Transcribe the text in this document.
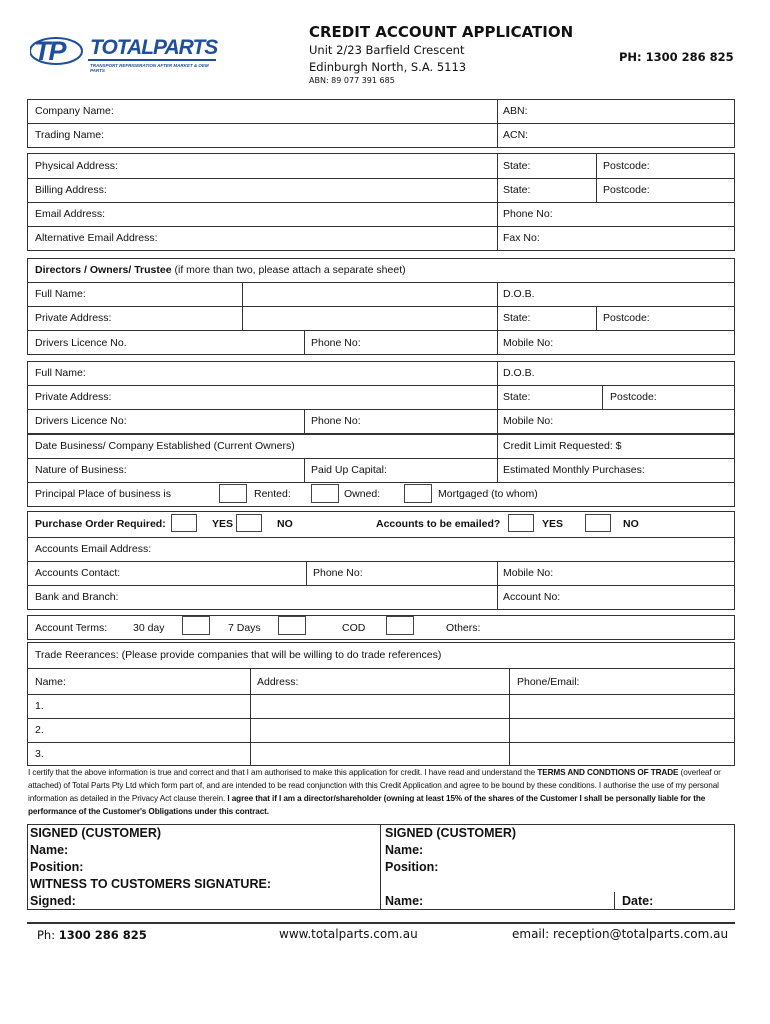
TP TOTALPARTS
TRANSPORT REFRIGERATION AFTER MARKET & OEM PARTS
CREDIT ACCOUNT APPLICATION
Unit 2/23 Barfield Crescent
Edinburgh North, S.A. 5113
ABN: 89 077 391 685
PH: 1300 286 825
Company Name:	ABN:
Trading Name:	ACN:
Physical Address:	State:	Postcode:
Billing Address:	State:	Postcode:
Email Address:	Phone No:
Alternative Email Address:	Fax No:
Directors / Owners/ Trustee (if more than two, please attach a separate sheet)
Full Name:	D.O.B.
Private Address:	State:	Postcode:
Drivers Licence No.	Phone No:	Mobile No:
Full Name:	D.O.B.
Private Address:	State:	Postcode:
Drivers Licence No:	Phone No:	Mobile No:
Date Business/ Company Established (Current Owners)	Credit Limit Requested: $
Nature of Business:	Paid Up Capital:	Estimated Monthly Purchases:
Principal Place of business is	Rented:	Owned:	Mortgaged (to whom)
Purchase Order Required:	YES	NO	Accounts to be emailed?	YES	NO
Accounts Email Address:
Accounts Contact:	Phone No:	Mobile No:
Bank and Branch:	Account No:
Account Terms: 30 day	7 Days	COD	Others:
Trade Reerances: (Please provide companies that will be willing to do trade references)
Name:	Address:	Phone/Email:
1.
2.
3.
I certify that the above information is true and correct and that I am authorised to make this application for credit. I have read and understand the TERMS AND CONDTIONS OF TRADE (overleaf or attached) of Total Parts Pty Ltd which form part of, and are intended to be read conjunction with this Credit Application and agree to be bound by these conditions. I authorise the use of my personal information as detailed in the Privacy Act clause therein. I agree that if I am a director/shareholder (owning at least 15% of the shares of the Customer I shall be personally liable for the performance of the Customer's Obligations under this contract.
SIGNED (CUSTOMER)
Name:
Position:
WITNESS TO CUSTOMERS SIGNATURE:
Signed:
SIGNED (CUSTOMER)
Name:
Position:
Name:	Date:
Ph: 1300 286 825	www.totalparts.com.au	email: reception@totalparts.com.au
